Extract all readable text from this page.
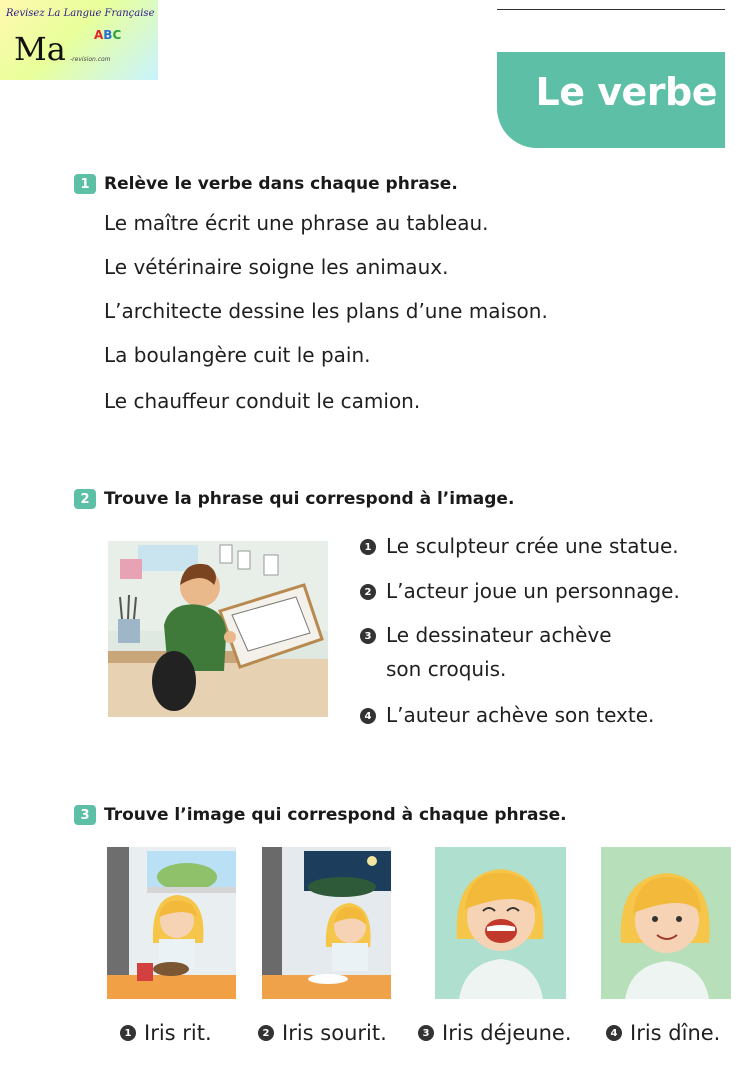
Revisez La Langue Française
Ma ABC
-revision.com
Le verbe
1 Relève le verbe dans chaque phrase.
Le maître écrit une phrase au tableau.
Le vétérinaire soigne les animaux.
L’architecte dessine les plans d’une maison.
La boulangère cuit le pain.
Le chauffeur conduit le camion.
2 Trouve la phrase qui correspond à l’image.
1 Le sculpteur crée une statue.
2 L’acteur joue un personnage.
3 Le dessinateur achève
son croquis.
4 L’auteur achève son texte.
3 Trouve l’image qui correspond à chaque phrase.
1 Iris rit.	2 Iris sourit.	3 Iris déjeune.	4 Iris dîne.
